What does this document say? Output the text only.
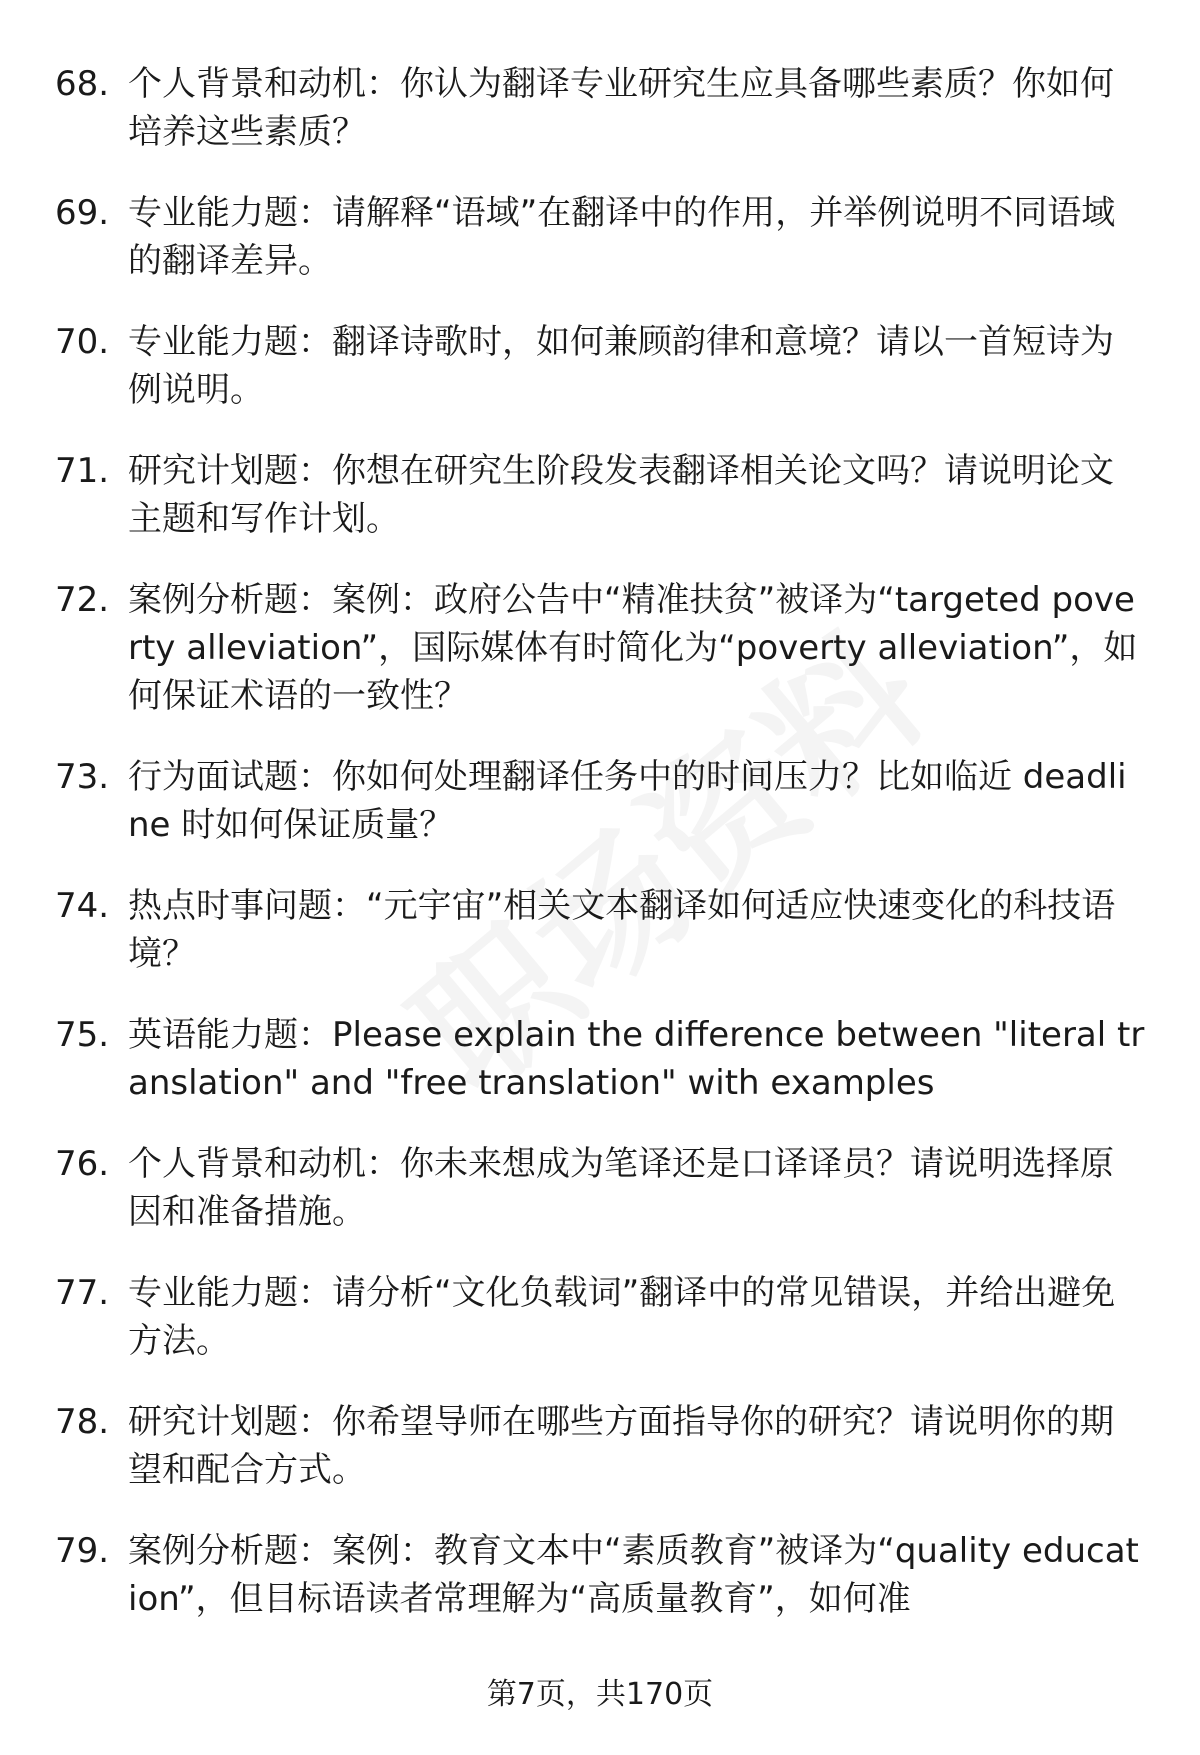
68. 个人背景和动机：你认为翻译专业研究生应具备哪些素质？你如何培养这些素质？
69. 专业能力题：请解释“语域”在翻译中的作用，并举例说明不同语域的翻译差异。
70. 专业能力题：翻译诗歌时，如何兼顾韵律和意境？请以一首短诗为例说明。
71. 研究计划题：你想在研究生阶段发表翻译相关论文吗？请说明论文主题和写作计划。
72. 案例分析题：案例：政府公告中“精准扶贫”被译为“targeted poverty alleviation”，国际媒体有时简化为“poverty alleviation”，如何保证术语的一致性？
73. 行为面试题：你如何处理翻译任务中的时间压力？比如临近 deadline 时如何保证质量？
74. 热点时事问题：“元宇宙”相关文本翻译如何适应快速变化的科技语境？
75. 英语能力题：Please explain the difference between "literal translation" and "free translation" with examples
76. 个人背景和动机：你未来想成为笔译还是口译译员？请说明选择原因和准备措施。
77. 专业能力题：请分析“文化负载词”翻译中的常见错误，并给出避免方法。
78. 研究计划题：你希望导师在哪些方面指导你的研究？请说明你的期望和配合方式。
79. 案例分析题：案例：教育文本中“素质教育”被译为“quality education”，但目标语读者常理解为“高质量教育”，如何准
第7页，共170页
